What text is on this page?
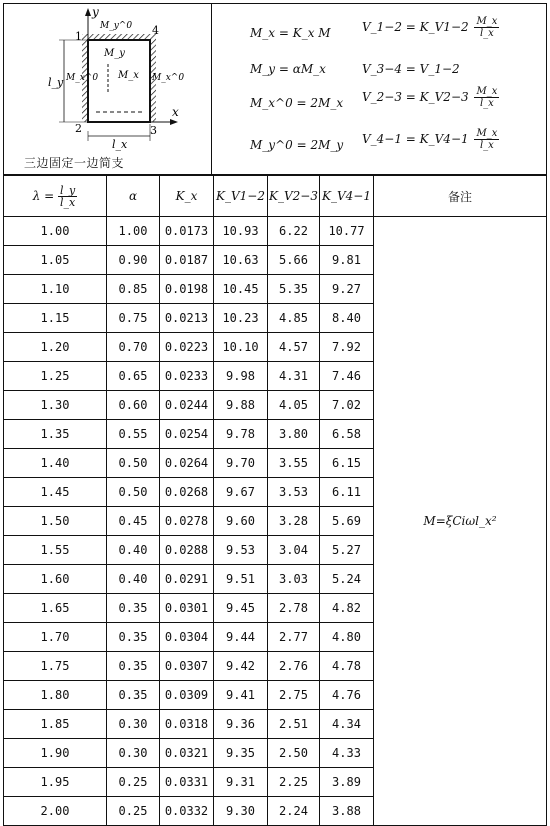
1	4
2	3
y
x
l_y
l_x
M_x
M_y
M_x^0	M_x^0
M_y^0
三边固定一边简支
M_x = K_x M	V_1−2 = K_V1−2 $\frac{M\_x}{l\_x}$
M_y = αM_x	V_3−4 = V_1−2
M_x^0 = 2M_x V_2−3 = K_V2−3 $\frac{M\_x}{l\_x}$
M_y^0 = 2M_y V_4−1 = K_V4−1 $\frac{M\_x}{l\_x}$
$\lambda = \frac{l\_y}{l\_x}$	α	K_x	K_V1−2	K_V2−3	K_V4−1	备注
1.00	1.00	0.0173	10.93	6.22	10.77	M=ξCiωl_x²
1.05	0.90	0.0187	10.63	5.66	9.81	
1.10	0.85	0.0198	10.45	5.35	9.27	
1.15	0.75	0.0213	10.23	4.85	8.40	
1.20	0.70	0.0223	10.10	4.57	7.92	
1.25	0.65	0.0233	9.98	4.31	7.46	
1.30	0.60	0.0244	9.88	4.05	7.02	
1.35	0.55	0.0254	9.78	3.80	6.58	
1.40	0.50	0.0264	9.70	3.55	6.15	
1.45	0.50	0.0268	9.67	3.53	6.11	
1.50	0.45	0.0278	9.60	3.28	5.69	
1.55	0.40	0.0288	9.53	3.04	5.27	
1.60	0.40	0.0291	9.51	3.03	5.24	
1.65	0.35	0.0301	9.45	2.78	4.82	
1.70	0.35	0.0304	9.44	2.77	4.80	
1.75	0.35	0.0307	9.42	2.76	4.78	
1.80	0.35	0.0309	9.41	2.75	4.76	
1.85	0.30	0.0318	9.36	2.51	4.34	
1.90	0.30	0.0321	9.35	2.50	4.33	
1.95	0.25	0.0331	9.31	2.25	3.89	
2.00	0.25	0.0332	9.30	2.24	3.88	
